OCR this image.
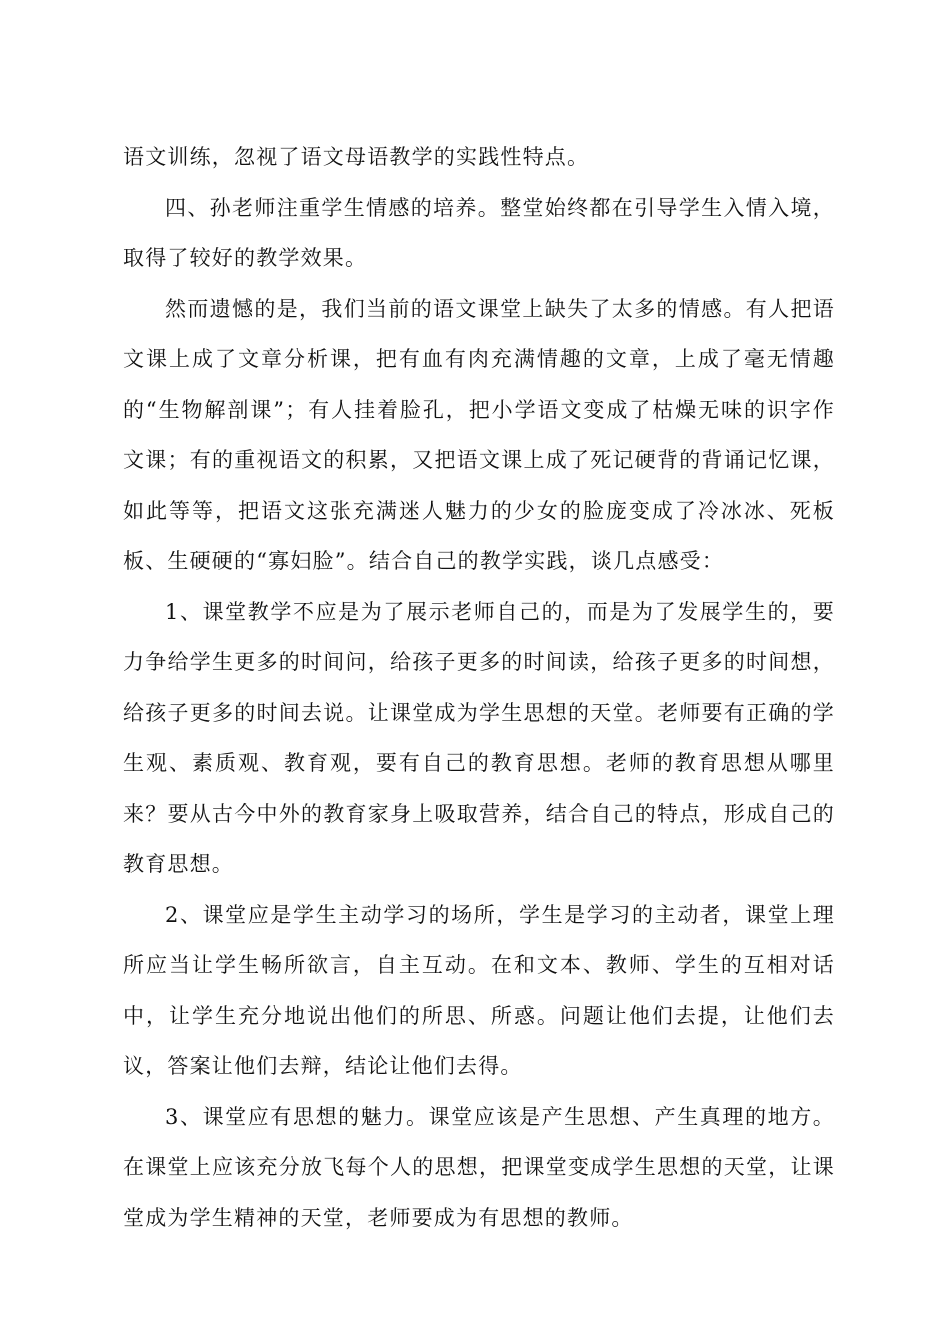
语文训练，忽视了语文母语教学的实践性特点。

四、孙老师注重学生情感的培养。整堂始终都在引导学生入情入境，取得了较好的教学效果。

然而遗憾的是，我们当前的语文课堂上缺失了太多的情感。有人把语文课上成了文章分析课，把有血有肉充满情趣的文章，上成了毫无情趣的“生物解剖课”；有人挂着脸孔，把小学语文变成了枯燥无味的识字作文课；有的重视语文的积累，又把语文课上成了死记硬背的背诵记忆课，如此等等，把语文这张充满迷人魅力的少女的脸庞变成了冷冰冰、死板板、生硬硬的“寡妇脸”。结合自己的教学实践，谈几点感受：

1、课堂教学不应是为了展示老师自己的，而是为了发展学生的，要力争给学生更多的时间问，给孩子更多的时间读，给孩子更多的时间想，给孩子更多的时间去说。让课堂成为学生思想的天堂。老师要有正确的学生观、素质观、教育观，要有自己的教育思想。老师的教育思想从哪里来？要从古今中外的教育家身上吸取营养，结合自己的特点，形成自己的教育思想。

2、课堂应是学生主动学习的场所，学生是学习的主动者，课堂上理所应当让学生畅所欲言，自主互动。在和文本、教师、学生的互相对话中，让学生充分地说出他们的所思、所惑。问题让他们去提，让他们去议，答案让他们去辩，结论让他们去得。

3、课堂应有思想的魅力。课堂应该是产生思想、产生真理的地方。在课堂上应该充分放飞每个人的思想，把课堂变成学生思想的天堂，让课堂成为学生精神的天堂，老师要成为有思想的教师。
